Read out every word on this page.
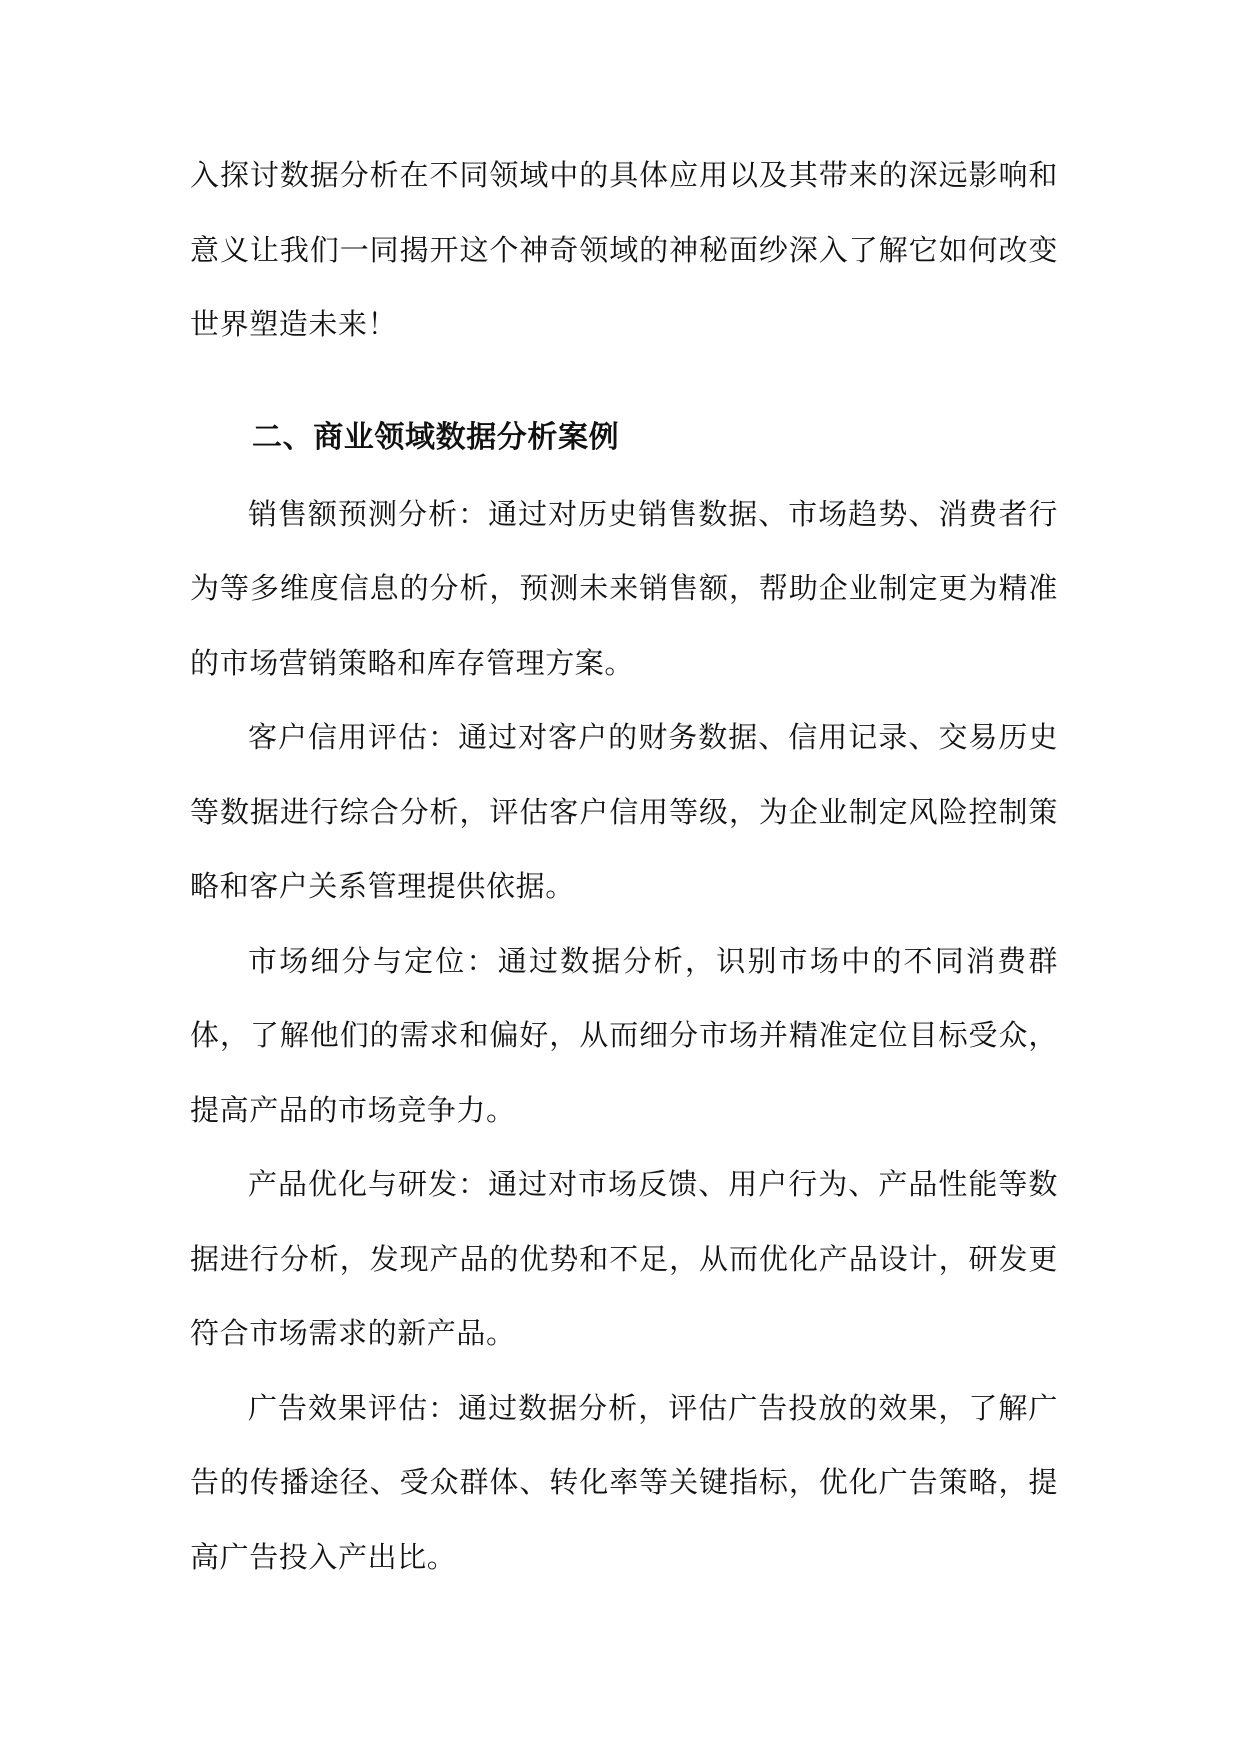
入探讨数据分析在不同领域中的具体应用以及其带来的深远影响和意义让我们一同揭开这个神奇领域的神秘面纱深入了解它如何改变世界塑造未来！

二、商业领域数据分析案例

销售额预测分析：通过对历史销售数据、市场趋势、消费者行为等多维度信息的分析，预测未来销售额，帮助企业制定更为精准的市场营销策略和库存管理方案。

客户信用评估：通过对客户的财务数据、信用记录、交易历史等数据进行综合分析，评估客户信用等级，为企业制定风险控制策略和客户关系管理提供依据。

市场细分与定位：通过数据分析，识别市场中的不同消费群体，了解他们的需求和偏好，从而细分市场并精准定位目标受众，提高产品的市场竞争力。

产品优化与研发：通过对市场反馈、用户行为、产品性能等数据进行分析，发现产品的优势和不足，从而优化产品设计，研发更符合市场需求的新产品。

广告效果评估：通过数据分析，评估广告投放的效果，了解广告的传播途径、受众群体、转化率等关键指标，优化广告策略，提高广告投入产出比。
